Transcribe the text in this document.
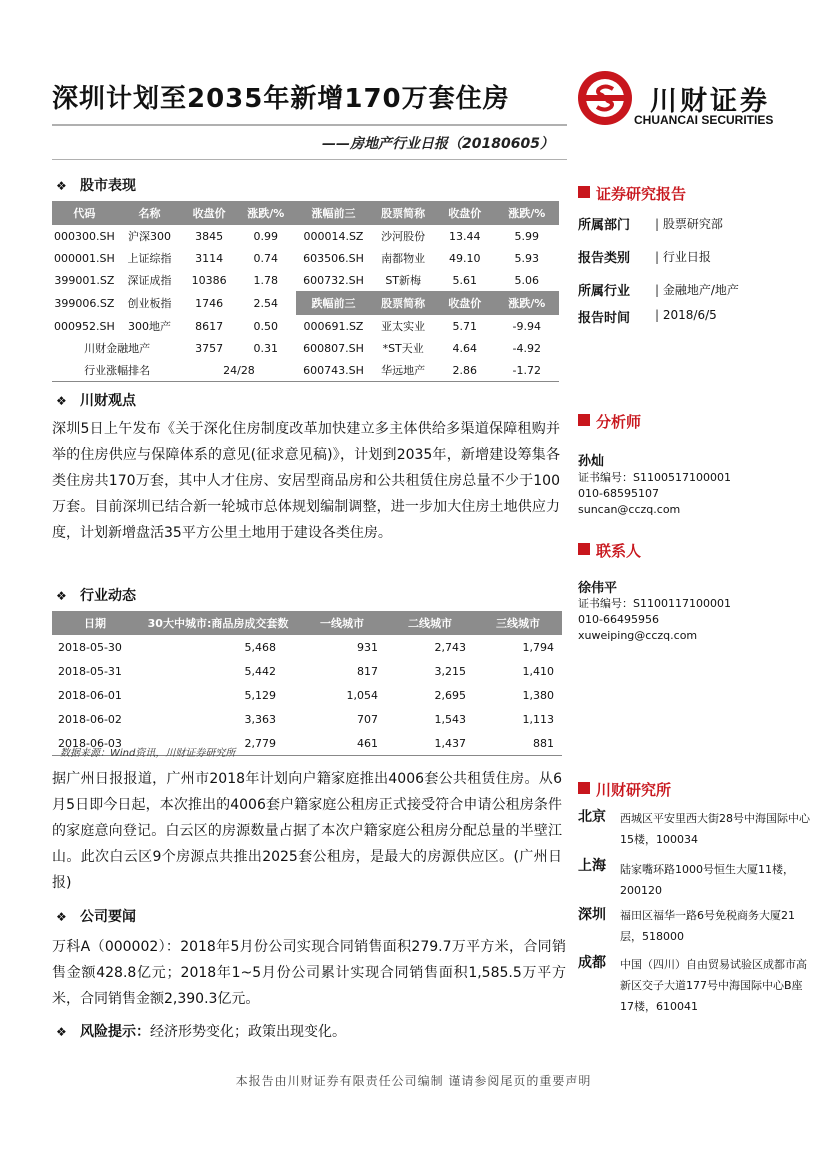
深圳计划至2035年新增170万套住房
——房地产行业日报（20180605）
川财证券
CHUANCAI SECURITIES
❖ 股市表现
代码	名称	收盘价	涨跌/%	涨幅前三	股票简称	收盘价	涨跌/%
000300.SH	沪深300	3845	0.99	000014.SZ	沙河股份	13.44	5.99
000001.SH	上证综指	3114	0.74	603506.SH	南都物业	49.10	5.93
399001.SZ	深证成指	10386	1.78	600732.SH	ST新梅	5.61	5.06
399006.SZ	创业板指	1746	2.54	跌幅前三	股票简称	收盘价	涨跌/%
000952.SH	300地产	8617	0.50	000691.SZ	亚太实业	5.71	-9.94
川财金融地产		3757	0.31	600807.SH	*ST天业	4.64	-4.92
行业涨幅排名		24/28		600743.SH	华远地产	2.86	-1.72
❖ 川财观点
深圳5日上午发布《关于深化住房制度改革加快建立多主体供给多渠道保障租购并举的住房供应与保障体系的意见(征求意见稿)》，计划到2035年，新增建设筹集各类住房共170万套，其中人才住房、安居型商品房和公共租赁住房总量不少于100万套。目前深圳已结合新一轮城市总体规划编制调整，进一步加大住房土地供应力度，计划新增盘活35平方公里土地用于建设各类住房。
❖ 行业动态
日期	30大中城市:商品房成交套数	一线城市	二线城市	三线城市
2018-05-30	5,468	931	2,743	1,794
2018-05-31	5,442	817	3,215	1,410
2018-06-01	5,129	1,054	2,695	1,380
2018-06-02	3,363	707	1,543	1,113
2018-06-03	2,779	461	1,437	881
数据来源：Wind资讯，川财证券研究所
据广州日报报道，广州市2018年计划向户籍家庭推出4006套公共租赁住房。从6月5日即今日起，本次推出的4006套户籍家庭公租房正式接受符合申请公租房条件的家庭意向登记。白云区的房源数量占据了本次户籍家庭公租房分配总量的半壁江山。此次白云区9个房源点共推出2025套公租房，是最大的房源供应区。(广州日报)
❖ 公司要闻
万科A（000002）：2018年5月份公司实现合同销售面积279.7万平方米，合同销售金额428.8亿元；2018年1~5月份公司累计实现合同销售面积1,585.5万平方米，合同销售金额2,390.3亿元。
❖ 风险提示：经济形势变化；政策出现变化。
证券研究报告
所属部门	| 股票研究部
报告类别	| 行业日报
所属行业	| 金融地产/地产
报告时间	| 2018/6/5
分析师
孙灿
证书编号：S1100517100001
010-68595107
suncan@cczq.com
联系人
徐伟平
证书编号：S1100117100001
010-66495956
xuweiping@cczq.com
川财研究所
北京 西城区平安里西大街28号中海国际中心15楼，100034
上海 陆家嘴环路1000号恒生大厦11楼，200120
深圳 福田区福华一路6号免税商务大厦21层，518000
成都 中国（四川）自由贸易试验区成都市高新区交子大道177号中海国际中心B座17楼，610041
本报告由川财证券有限责任公司编制 谨请参阅尾页的重要声明
